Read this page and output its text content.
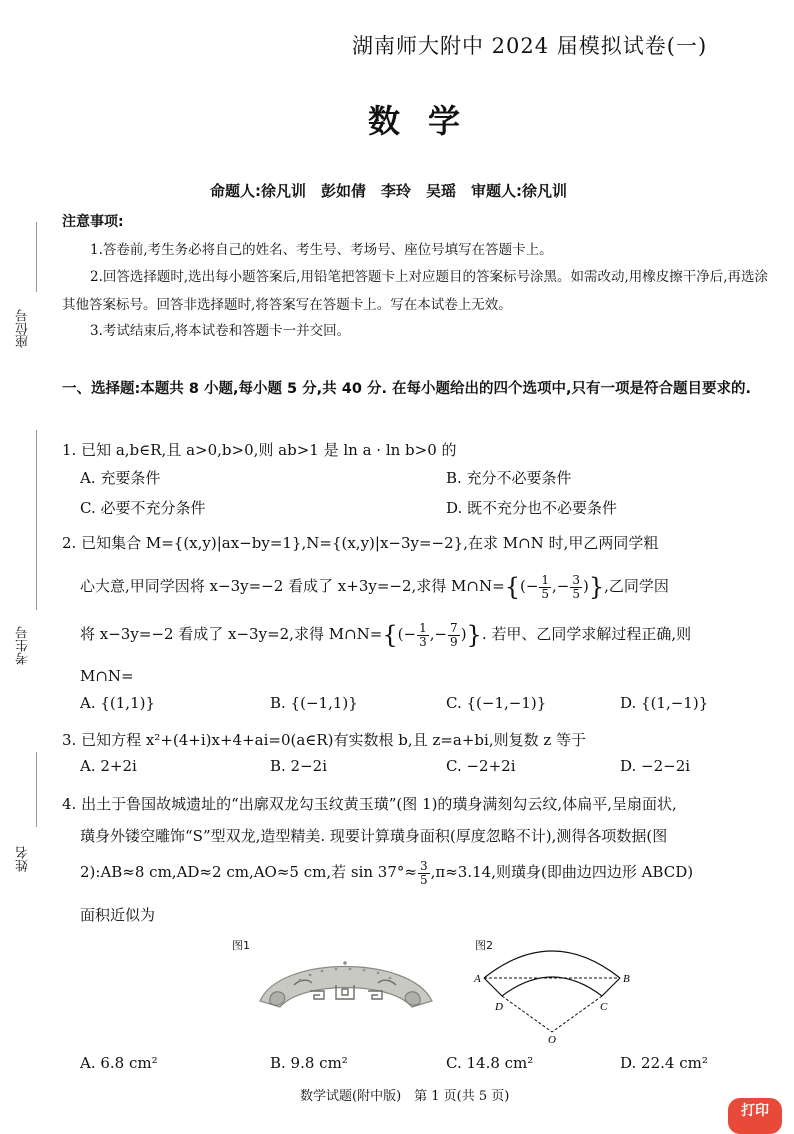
湖南师大附中 2024 届模拟试卷(一)
数学
命题人:徐凡训　彭如倩　李玲　吴瑶　审题人:徐凡训
座位号
考生号
姓名
注意事项:
1.答卷前,考生务必将自己的姓名、考生号、考场号、座位号填写在答题卡上。
2.回答选择题时,选出每小题答案后,用铅笔把答题卡上对应题目的答案标号涂黑。如需改动,用橡皮擦干净后,再选涂其他答案标号。回答非选择题时,将答案写在答题卡上。写在本试卷上无效。
3.考试结束后,将本试卷和答题卡一并交回。
一、选择题:本题共 8 小题,每小题 5 分,共 40 分. 在每小题给出的四个选项中,只有一项是符合题目要求的.
1. 已知 a,b∈R,且 a>0,b>0,则 ab>1 是 ln a · ln b>0 的
A. 充要条件	B. 充分不必要条件
C. 必要不充分条件	D. 既不充分也不必要条件
2. 已知集合 M={(x,y)|ax−by=1},N={(x,y)|x−3y=−2},在求 M∩N 时,甲乙两同学粗
心大意,甲同学因将 x−3y=−2 看成了 x+3y=−2,求得 M∩N={(− $\frac{1}{5}$ ,− $\frac{3}{5}$ )},乙同学因
将 x−3y=−2 看成了 x−3y=2,求得 M∩N={(− $\frac{1}{3}$ ,− $\frac{7}{9}$ )}. 若甲、乙同学求解过程正确,则
M∩N=
A. {(1,1)}	B. {(−1,1)}	C. {(−1,−1)}	D. {(1,−1)}
3. 已知方程 x²+(4+i)x+4+ai=0(a∈R)有实数根 b,且 z=a+bi,则复数 z 等于
A. 2+2i	B. 2−2i	C. −2+2i	D. −2−2i
4. 出土于鲁国故城遗址的“出廓双龙勾玉纹黄玉璜”(图 1)的璜身满刻勾云纹,体扁平,呈扇面状,
璜身外镂空雕饰“S”型双龙,造型精美. 现要计算璜身面积(厚度忽略不计),测得各项数据(图
2):AB≈8 cm,AD≈2 cm,AO≈5 cm,若 $\sin 37^\circ\approx \frac{3}{5} ,\pi\approx 3.14$,则璜身(即曲边四边形 ABCD)
面积近似为
图1	图2
A	B
C
D
O
A. 6.8 cm²	B. 9.8 cm²	C. 14.8 cm²	D. 22.4 cm²
数学试题(附中版)　第 1 页(共 5 页)
打印
